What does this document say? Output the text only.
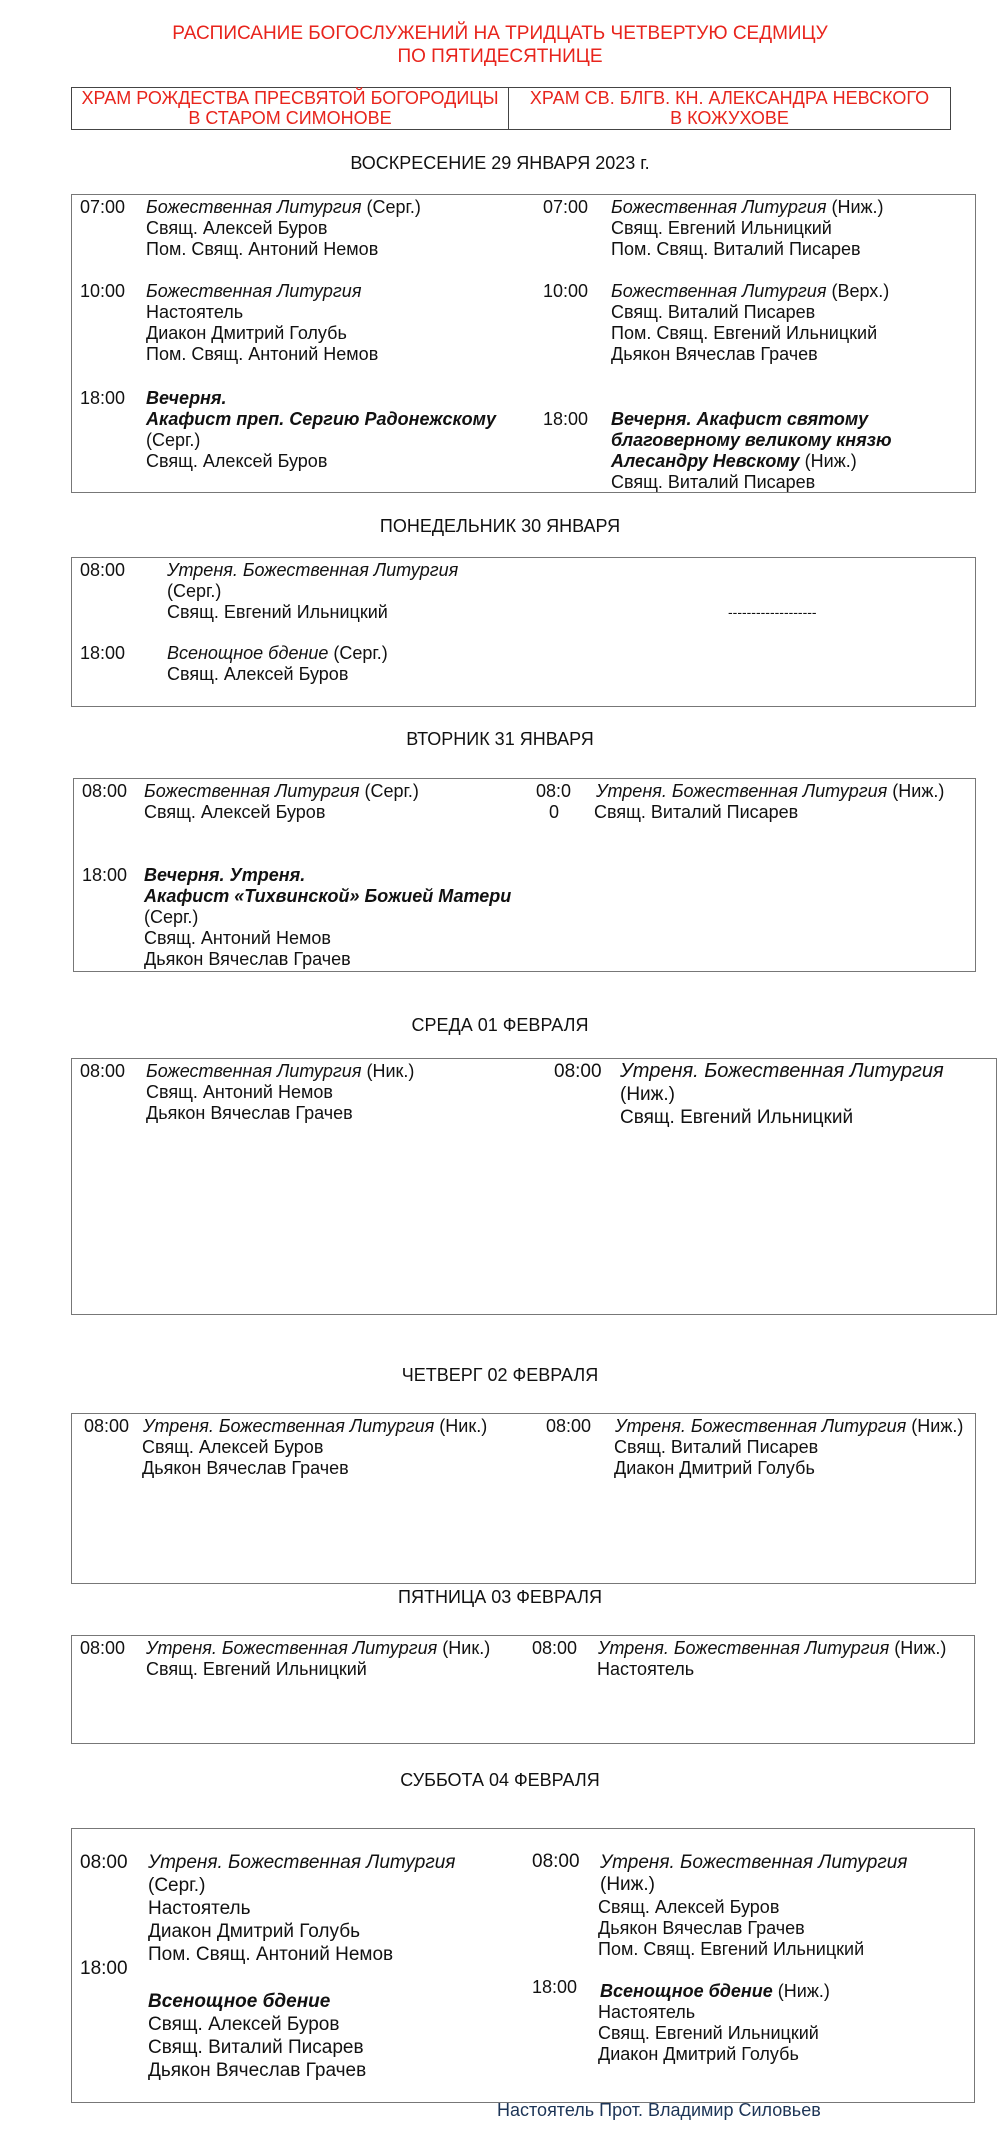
РАСПИСАНИЕ БОГОСЛУЖЕНИЙ НА ТРИДЦАТЬ ЧЕТВЕРТУЮ СЕДМИЦУ
ПО ПЯТИДЕСЯТНИЦЕ
ХРАМ РОЖДЕСТВА ПРЕСВЯТОЙ БОГОРОДИЦЫ
В СТАРОМ СИМОНОВЕ
ХРАМ СВ. БЛГВ. КН. АЛЕКСАНДРА НЕВСКОГО
В КОЖУХОВЕ
ВОСКРЕСЕНИЕ 29 ЯНВАРЯ 2023 г.
07:00 Божественная Литургия (Серг.)
Свящ. Алексей Буров
Пом. Свящ. Антоний Немов
10:00 Божественная Литургия
Настоятель
Диакон Дмитрий Голубь
Пом. Свящ. Антоний Немов
18:00 Вечерня.
Акафист преп. Сергию Радонежскому
(Серг.)
Свящ. Алексей Буров
07:00 Божественная Литургия (Ниж.)
Свящ. Евгений Ильницкий
Пом. Свящ. Виталий Писарев
10:00 Божественная Литургия (Верх.)
Свящ. Виталий Писарев
Пом. Свящ. Евгений Ильницкий
Дьякон Вячеслав Грачев
18:00 Вечерня. Акафист святому
благоверному великому князю
Алесандру Невскому (Ниж.)
Свящ. Виталий Писарев
ПОНЕДЕЛЬНИК 30 ЯНВАРЯ
08:00 Утреня. Божественная Литургия
(Серг.)
Свящ. Евгений Ильницкий	-------------------
18:00 Всенощное бдение (Серг.)
Свящ. Алексей Буров
ВТОРНИК 31 ЯНВАРЯ
08:00 Божественная Литургия (Серг.)
Свящ. Алексей Буров
18:00 Вечерня. Утреня.
Акафист «Тихвинской» Божией Матери
(Серг.)
Свящ. Антоний Немов
Дьякон Вячеслав Грачев
08:0
0
Утреня. Божественная Литургия (Ниж.)
Свящ. Виталий Писарев
СРЕДА 01 ФЕВРАЛЯ
08:00 Божественная Литургия (Ник.)
Свящ. Антоний Немов
Дьякон Вячеслав Грачев
08:00 Утреня. Божественная Литургия
(Ниж.)
Свящ. Евгений Ильницкий
ЧЕТВЕРГ 02 ФЕВРАЛЯ
08:00 Утреня. Божественная Литургия (Ник.)
Свящ. Алексей Буров
Дьякон Вячеслав Грачев
08:00 Утреня. Божественная Литургия (Ниж.)
Свящ. Виталий Писарев
Диакон Дмитрий Голубь
ПЯТНИЦА 03 ФЕВРАЛЯ
08:00 Утреня. Божественная Литургия (Ник.)
Свящ. Евгений Ильницкий
08:00 Утреня. Божественная Литургия (Ниж.)
Настоятель
СУББОТА 04 ФЕВРАЛЯ
08:00 Утреня. Божественная Литургия
(Серг.)
Настоятель
Диакон Дмитрий Голубь
Пом. Свящ. Антоний Немов
18:00
Всенощное бдение
Свящ. Алексей Буров
Свящ. Виталий Писарев
Дьякон Вячеслав Грачев
08:00 Утреня. Божественная Литургия
(Ниж.)
Свящ. Алексей Буров
Дьякон Вячеслав Грачев
Пом. Свящ. Евгений Ильницкий
18:00 Всенощное бдение (Ниж.)
Настоятель
Свящ. Евгений Ильницкий
Диакон Дмитрий Голубь
Настоятель Прот. Владимир Силовьев
